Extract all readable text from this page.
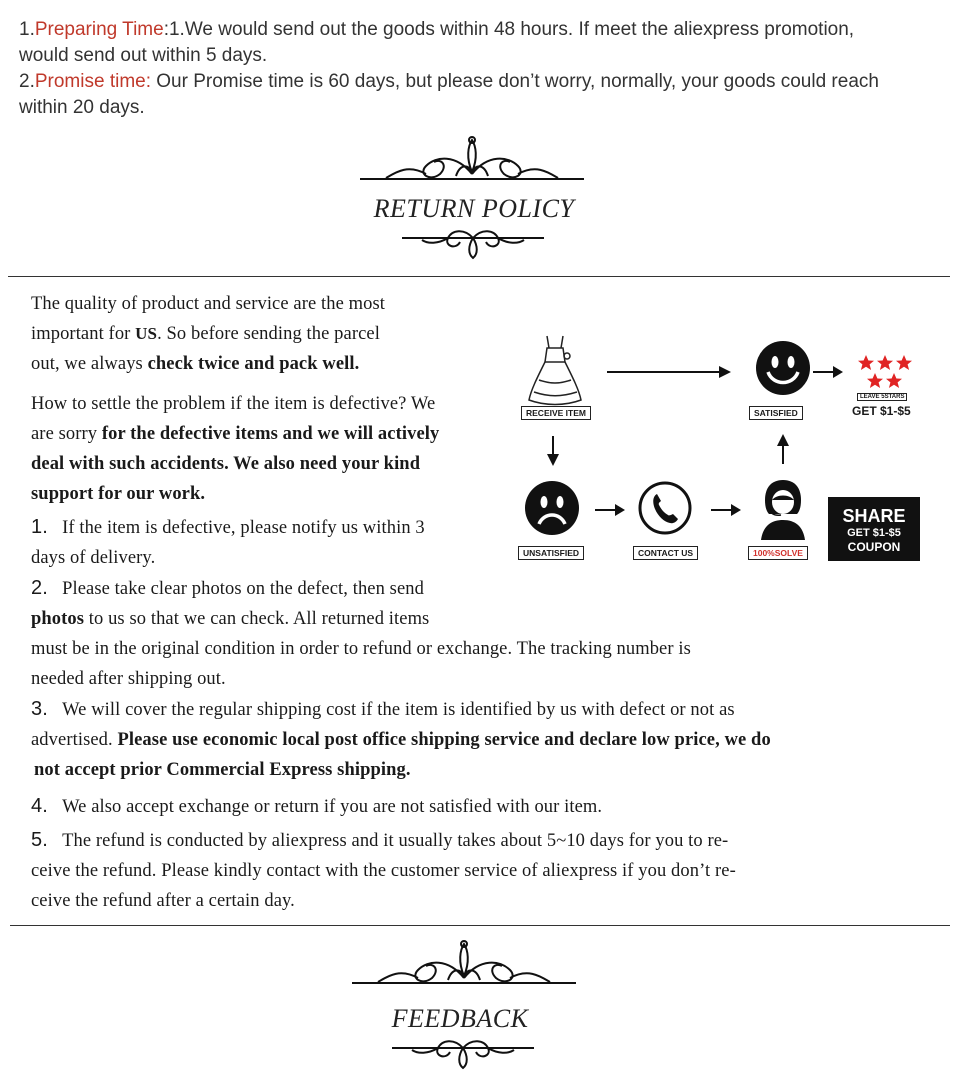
1.Preparing Time:1.We would send out the goods within 48 hours. If meet the aliexpress promotion,
would send out within 5 days.
2.Promise time: Our Promise time is 60 days, but please don’t worry, normally, your goods could reach
within 20 days.
RETURN POLICY
The quality of product and service are the most
important for US. So before sending the parcel
out, we always check twice and pack well.
How to settle the problem if the item is defective? We
are sorry for the defective items and we will actively
deal with such accidents. We also need your kind
support for our work.
1. If the item is defective, please notify us within 3
days of delivery.
2. Please take clear photos on the defect, then send
photos to us so that we can check. All returned items
must be in the original condition in order to refund or exchange. The tracking number is
needed after shipping out.
3. We will cover the regular shipping cost if the item is identified by us with defect or not as
advertised. Please use economic local post office shipping service and declare low price, we do
not accept prior Commercial Express shipping.
4. We also accept exchange or return if you are not satisfied with our item.
5. The refund is conducted by aliexpress and it usually takes about 5~10 days for you to re-
ceive the refund. Please kindly contact with the customer service of aliexpress if you don’t re-
ceive the refund after a certain day.
RECEIVE ITEM	SATISFIED
LEAVE 5STARS
GET $1-$5
UNSATISFIED	CONTACT US	100%SOLVE
SHARE
GET $1-$5
COUPON
FEEDBACK
